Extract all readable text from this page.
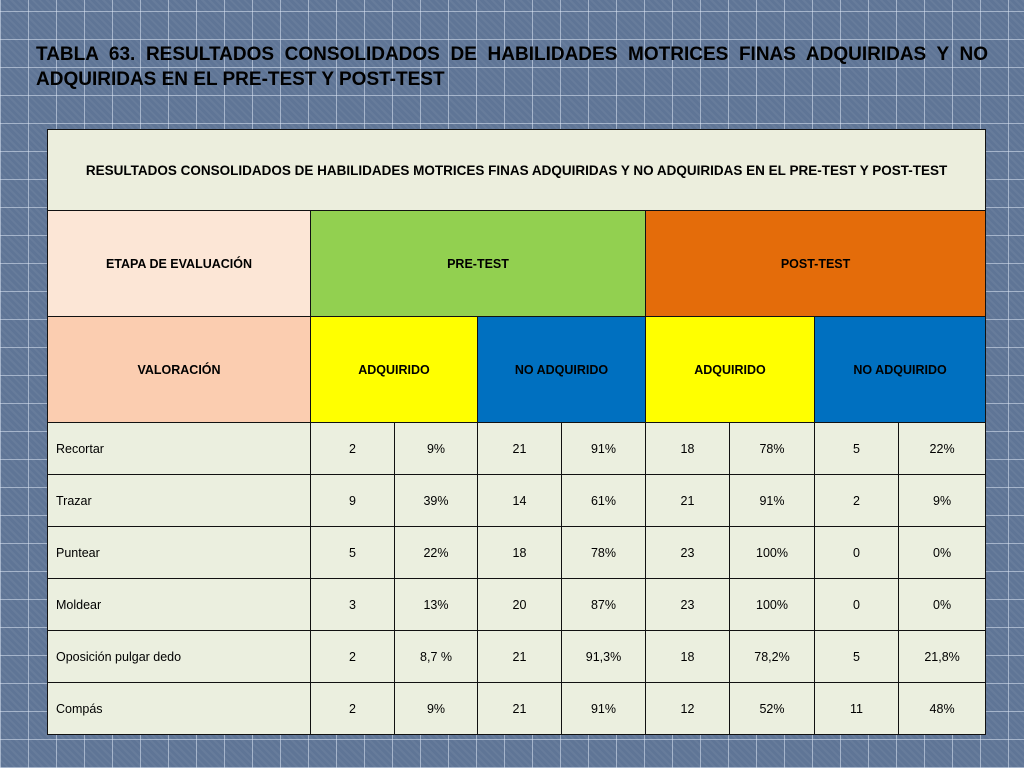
TABLA 63. RESULTADOS CONSOLIDADOS DE HABILIDADES MOTRICES FINAS ADQUIRIDAS Y NO ADQUIRIDAS EN EL PRE-TEST Y POST-TEST
RESULTADOS CONSOLIDADOS DE HABILIDADES MOTRICES FINAS ADQUIRIDAS Y NO ADQUIRIDAS EN EL PRE-TEST Y POST-TEST								
ETAPA DE EVALUACIÓN	PRE-TEST				POST-TEST			
VALORACIÓN	ADQUIRIDO		NO ADQUIRIDO		ADQUIRIDO		NO ADQUIRIDO	
Recortar	2	9%	21	91%	18	78%	5	22%
Trazar	9	39%	14	61%	21	91%	2	9%
Puntear	5	22%	18	78%	23	100%	0	0%
Moldear	3	13%	20	87%	23	100%	0	0%
Oposición pulgar dedo	2	8,7 %	21	91,3%	18	78,2%	5	21,8%
Compás	2	9%	21	91%	12	52%	11	48%
